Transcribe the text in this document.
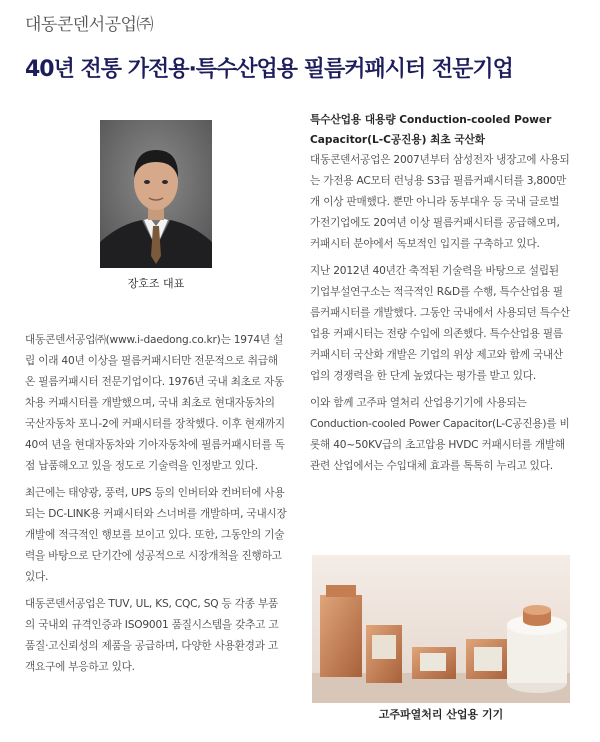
대동콘덴서공업㈜
40년 전통 가전용·특수산업용 필름커패시터 전문기업
장호조 대표

대동콘덴서공업㈜(www.i-daedong.co.kr)는 1974년 설립 이래 40년 이상을 필름커패시터만 전문적으로 취급해온 필름커패시터 전문기업이다. 1976년 국내 최초로 자동차용 커패시터를 개발했으며, 국내 최초로 현대자동차의 국산자동차 포니-2에 커패시터를 장착했다. 이후 현재까지 40여 년을 현대자동차와 기아자동차에 필름커패시터를 독점 납품해오고 있을 정도로 기술력을 인정받고 있다.

최근에는 태양광, 풍력, UPS 등의 인버터와 컨버터에 사용되는 DC-LINK용 커패시터와 스너버를 개발하며, 국내시장 개발에 적극적인 행보를 보이고 있다. 또한, 그동안의 기술력을 바탕으로 단기간에 성공적으로 시장개척을 진행하고 있다.

대동콘덴서공업은 TUV, UL, KS, CQC, SQ 등 각종 부품의 국내외 규격인증과 ISO9001 품질시스템을 갖추고 고품질·고신뢰성의 제품을 공급하며, 다양한 사용환경과 고객요구에 부응하고 있다.

특수산업용 대용량 Conduction-cooled Power Capacitor(L-C공진용) 최초 국산화

대동콘덴서공업은 2007년부터 삼성전자 냉장고에 사용되는 가전용 AC모터 런닝용 S3급 필름커패시터를 3,800만개 이상 판매했다. 뿐만 아니라 동부대우 등 국내 글로벌 가전기업에도 20여년 이상 필름커패시터를 공급해오며, 커패시터 분야에서 독보적인 입지를 구축하고 있다.

지난 2012년 40년간 축적된 기술력을 바탕으로 설립된 기업부설연구소는 적극적인 R&D를 수행, 특수산업용 필름커패시터를 개발했다. 그동안 국내에서 사용되던 특수산업용 커패시터는 전량 수입에 의존했다. 특수산업용 필름커패시터 국산화 개발은 기업의 위상 제고와 함께 국내산업의 경쟁력을 한 단계 높였다는 평가를 받고 있다.

이와 함께 고주파 열처리 산업용기기에 사용되는 Conduction-cooled Power Capacitor(L-C공진용)를 비롯해 40~50KV급의 초고압용 HVDC 커패시터를 개발해 관련 산업에서는 수입대체 효과를 톡톡히 누리고 있다.

고주파열처리 산업용 기기
